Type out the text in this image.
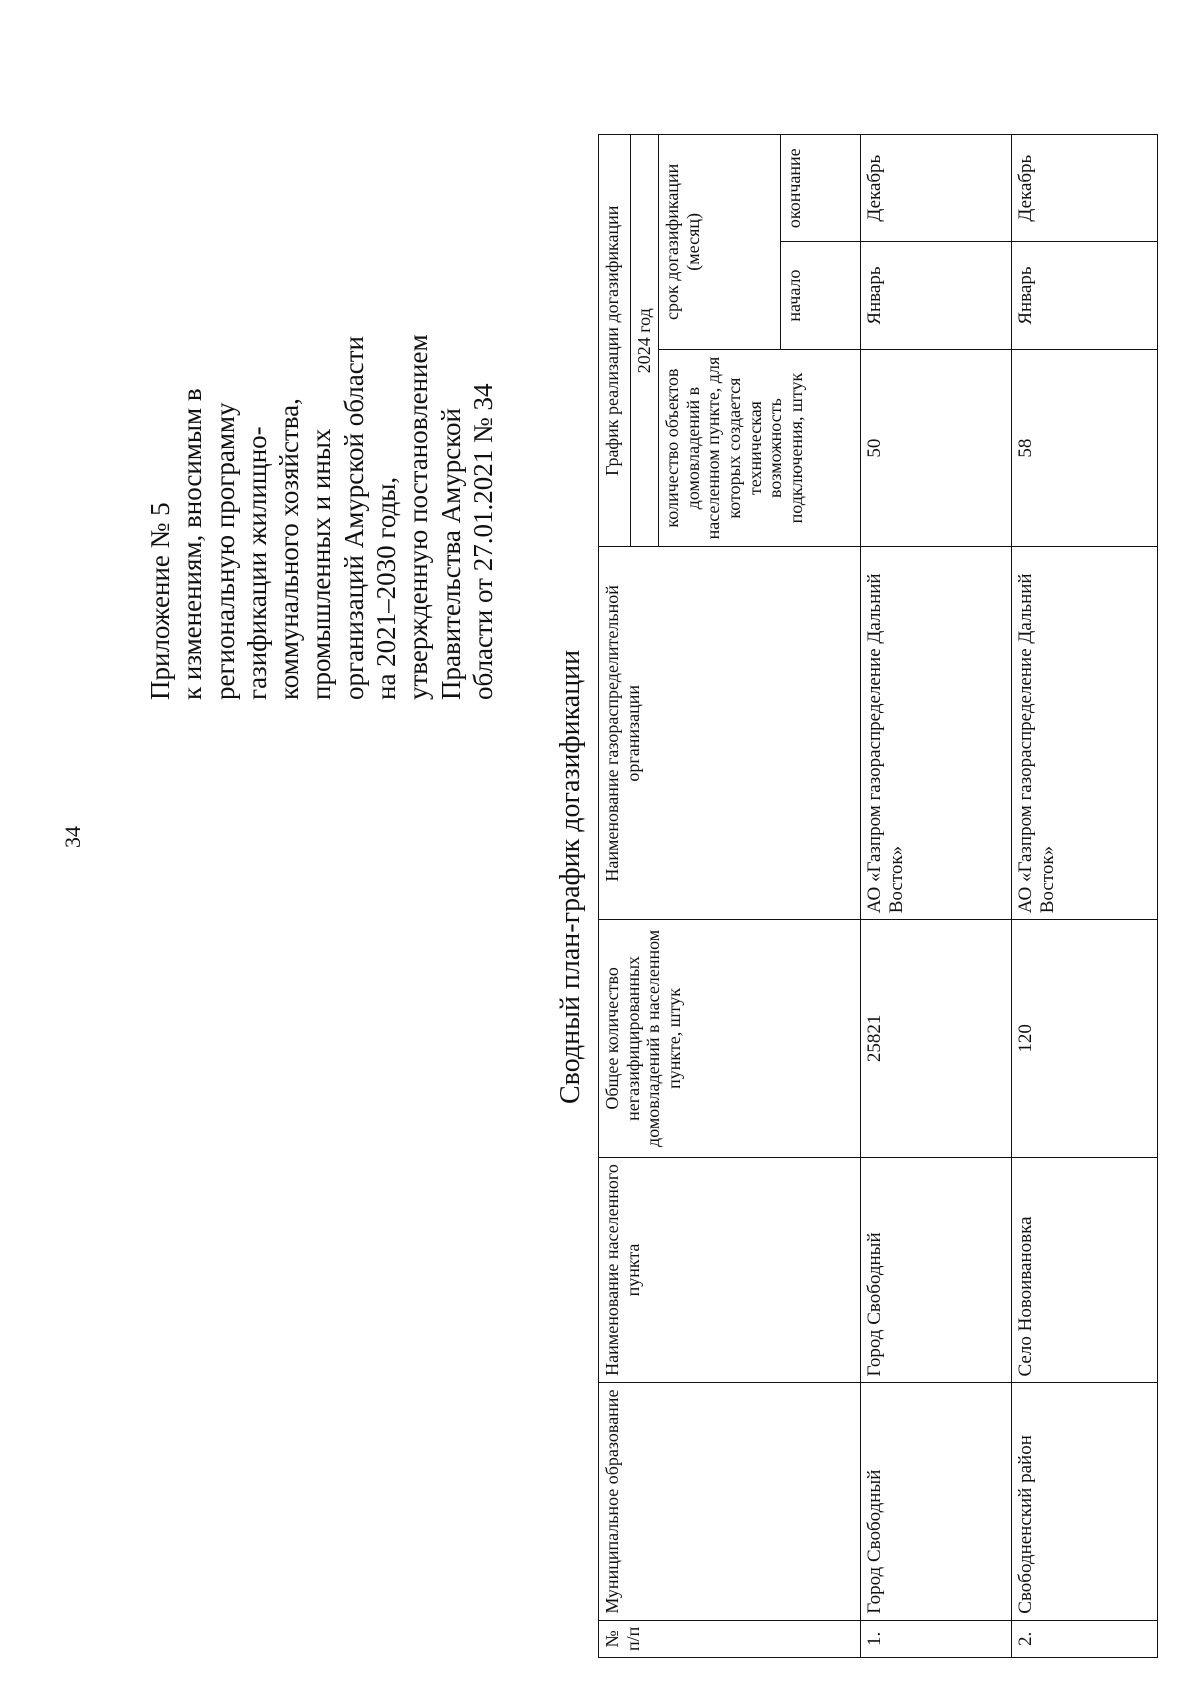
34
Приложение № 5 к изменениям, вносимым в региональную программу газификации жилищно- коммунального хозяйства, промышленных и иных организаций Амурской области на 2021–2030 годы, утвержденную постановлением Правительства Амурской области от 27.01.2021 № 34
Сводный план-график догазификации
№ п/п	Муниципальное образование	Наименование населенного пункта	Общее количество негазифицированных домовладений в населенном пункте, штук	Наименование газораспределительной организации	График реализации догазификации		
					2024 год		
					количество объектов домовладений в населенном пункте, для которых создается техническая возможность подключения, штук	срок догазификации (месяц)	
						начало	окончание
1.	Город Свободный	Город Свободный	25821	АО «Газпром газораспределение Дальний Восток»	50	Январь	Декабрь
2.	Свободненский район	Село Новоивановка	120	АО «Газпром газораспределение Дальний Восток»	58	Январь	Декабрь
